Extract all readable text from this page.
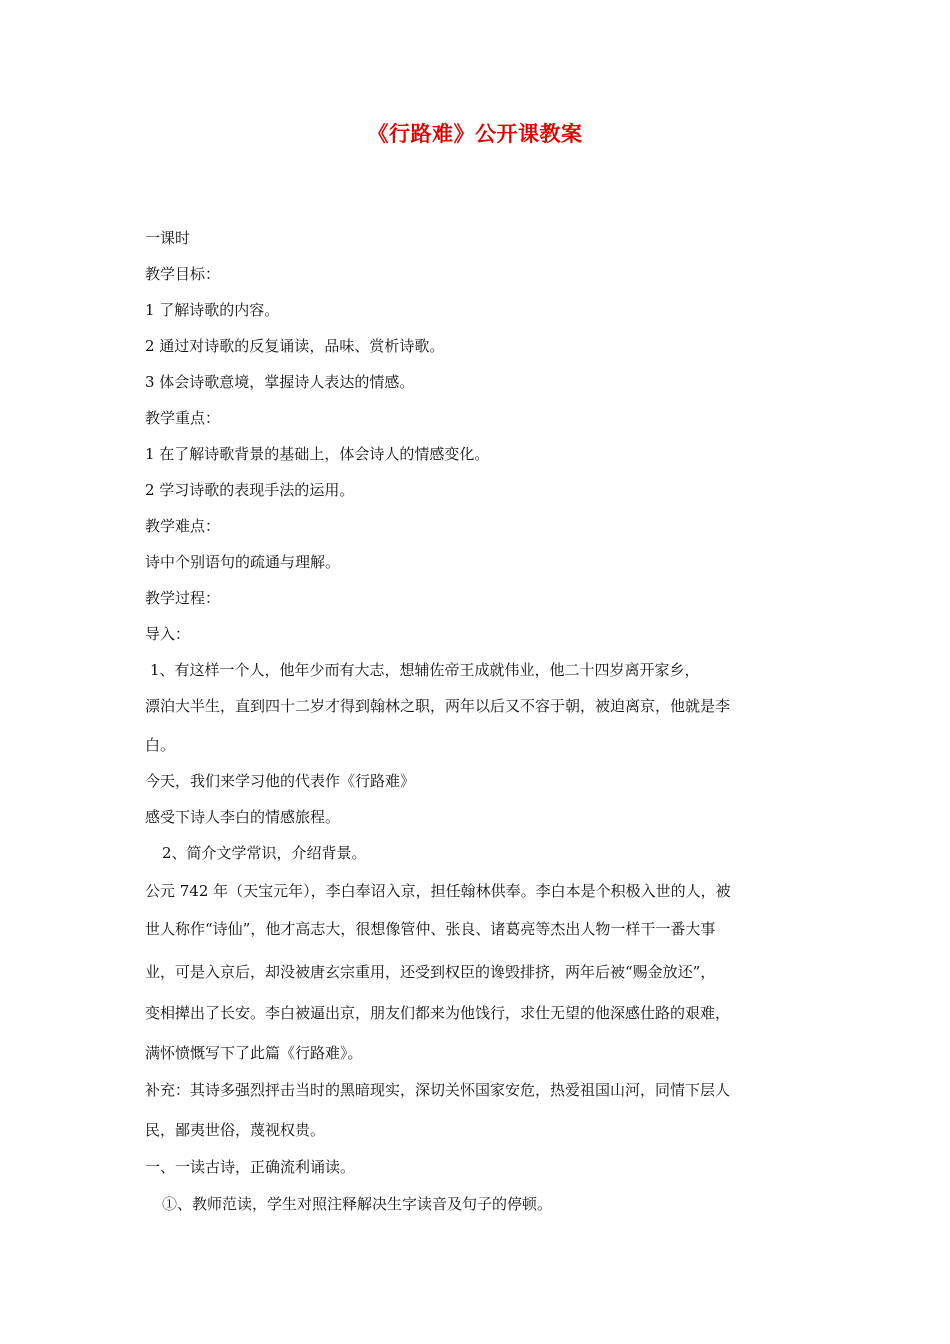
《行路难》公开课教案
一课时
教学目标：
1 了解诗歌的内容。
2 通过对诗歌的反复诵读，品味、赏析诗歌。
3 体会诗歌意境，掌握诗人表达的情感。
教学重点：
1 在了解诗歌背景的基础上，体会诗人的情感变化。
2 学习诗歌的表现手法的运用。
教学难点：
诗中个别语句的疏通与理解。
教学过程：
导入：
1、有这样一个人，他年少而有大志，想辅佐帝王成就伟业，他二十四岁离开家乡，
漂泊大半生，直到四十二岁才得到翰林之职，两年以后又不容于朝，被迫离京，他就是李
白。
今天，我们来学习他的代表作《行路难》
感受下诗人李白的情感旅程。
2、简介文学常识，介绍背景。
公元 742 年（天宝元年），李白奉诏入京，担任翰林供奉。李白本是个积极入世的人，被
世人称作“诗仙”，他才高志大，很想像管仲、张良、诸葛亮等杰出人物一样干一番大事
业，可是入京后，却没被唐玄宗重用，还受到权臣的谗毁排挤，两年后被“赐金放还”，
变相撵出了长安。李白被逼出京，朋友们都来为他饯行，求仕无望的他深感仕路的艰难，
满怀愤慨写下了此篇《行路难》。
补充：其诗多强烈抨击当时的黑暗现实，深切关怀国家安危，热爱祖国山河，同情下层人
民，鄙夷世俗，蔑视权贵。
一、一读古诗，正确流利诵读。
①、教师范读，学生对照注释解决生字读音及句子的停顿。
